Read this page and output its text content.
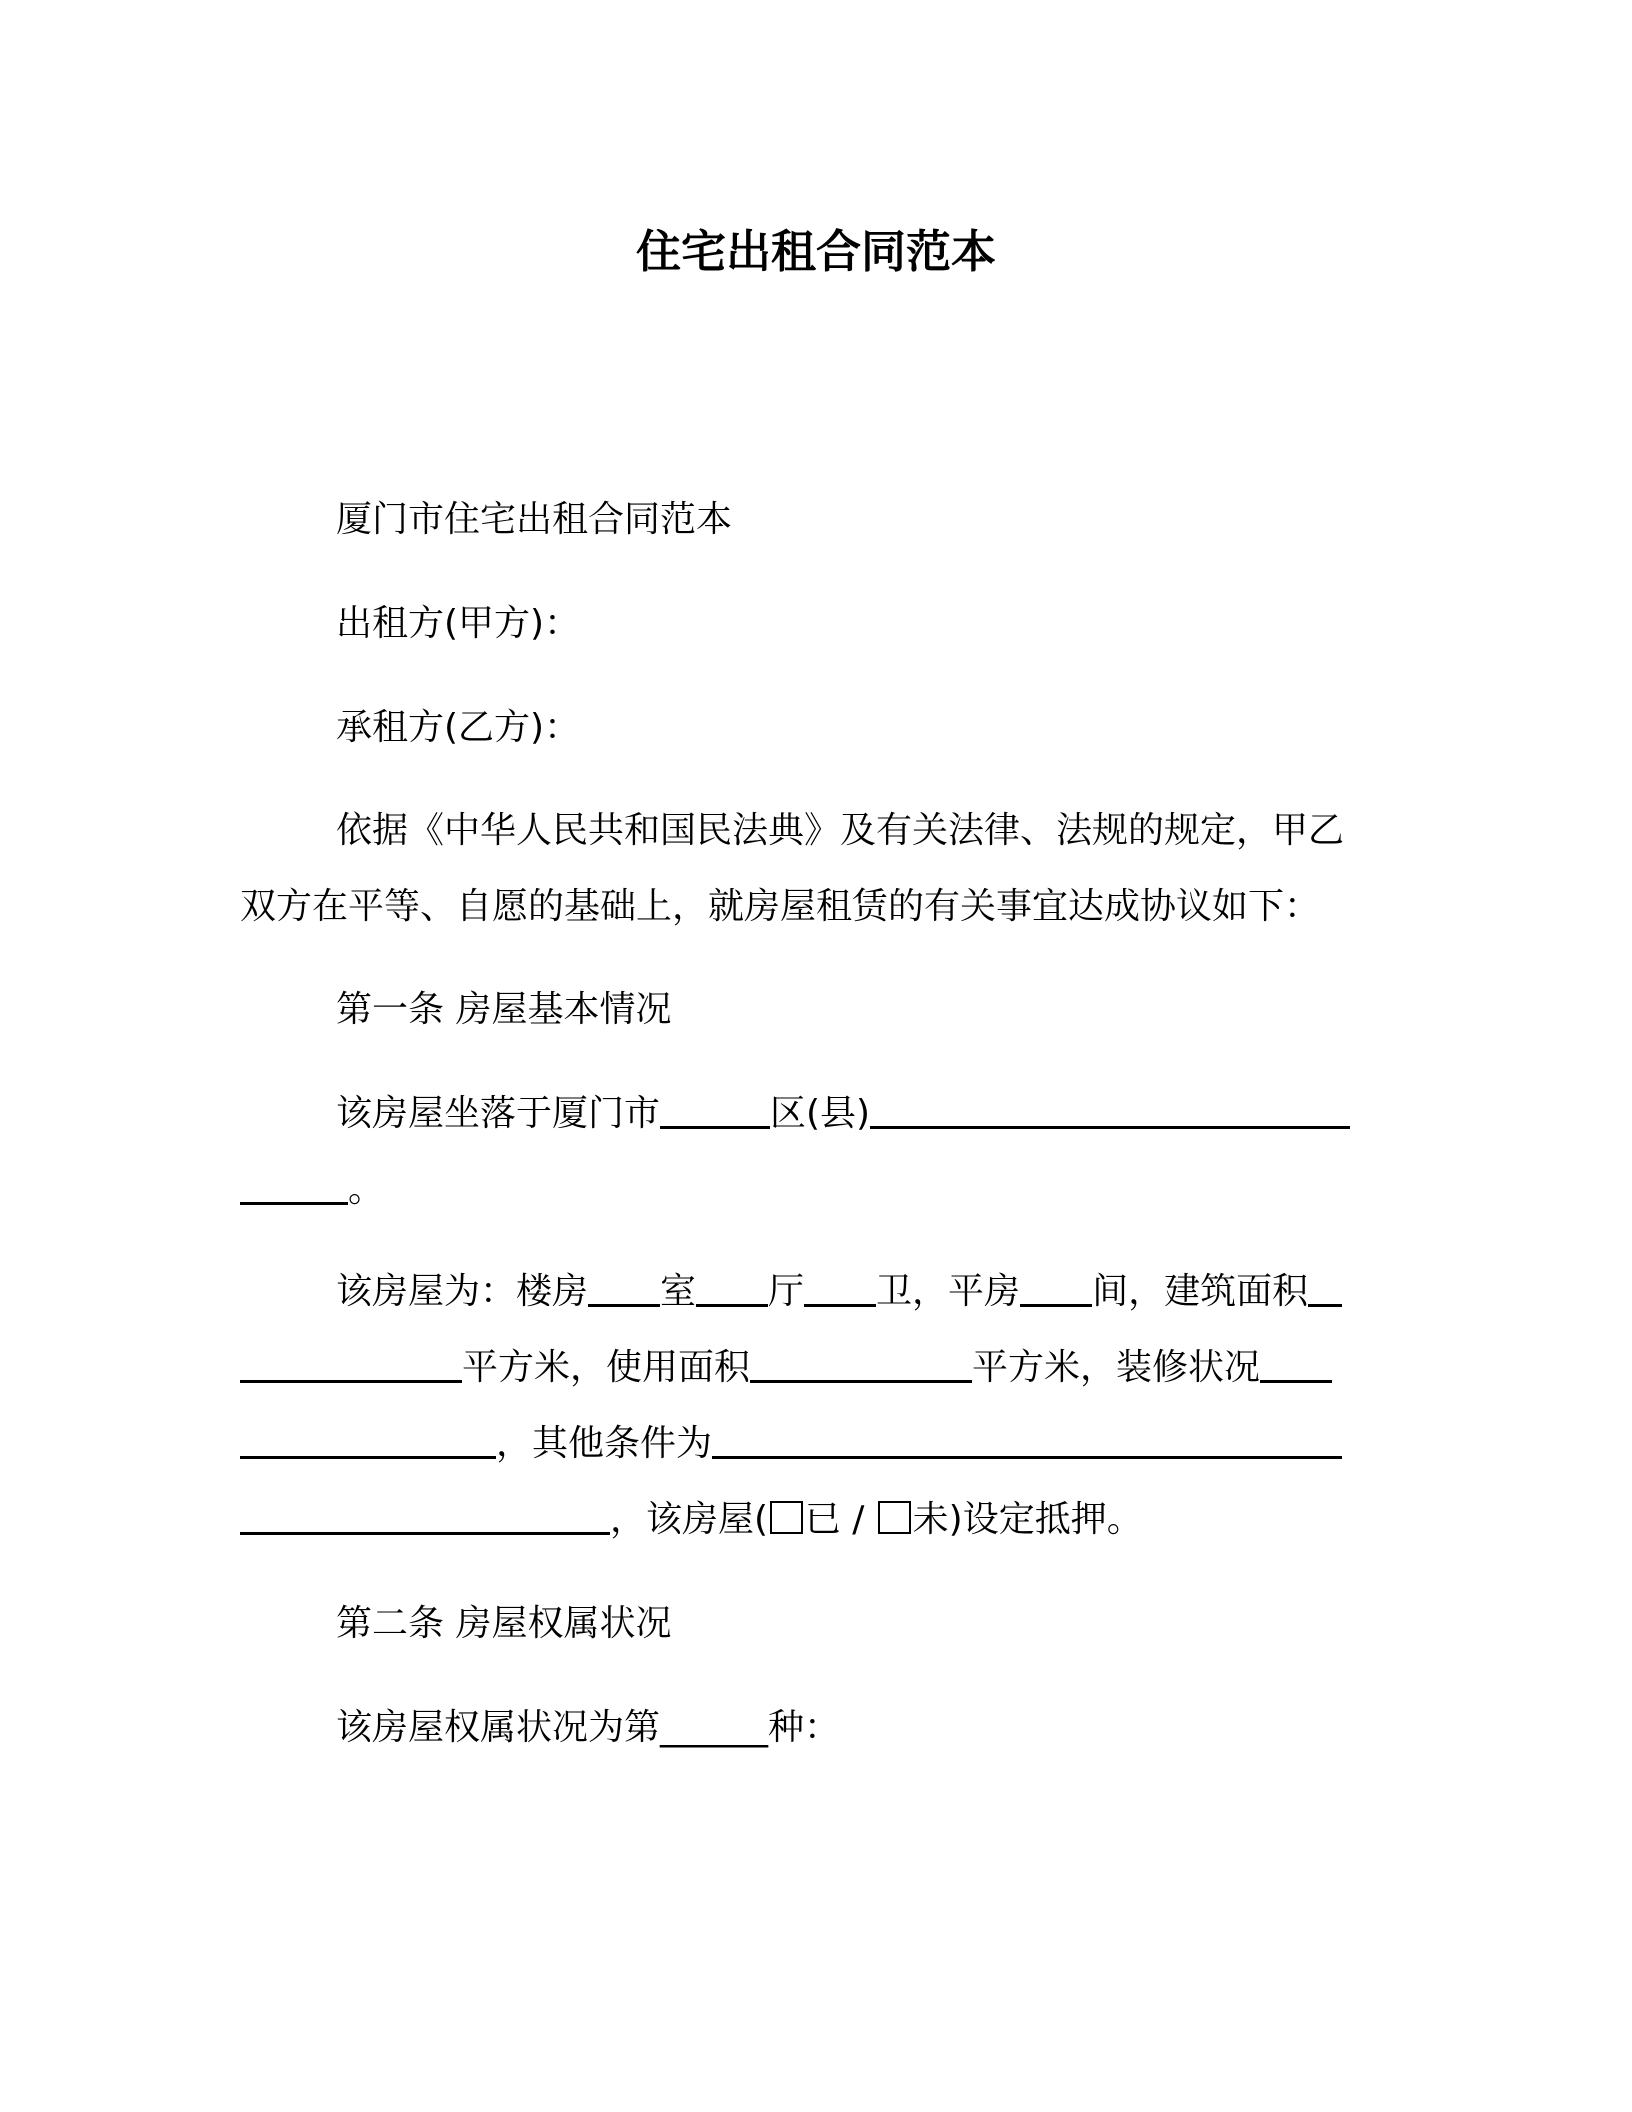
住宅出租合同范本
厦门市住宅出租合同范本
出租方(甲方)：
承租方(乙方)：
依据《中华人民共和国民法典》及有关法律、法规的规定，甲乙
双方在平等、自愿的基础上，就房屋租赁的有关事宜达成协议如下：
第一条 房屋基本情况
该房屋坐落于厦门市	区(县)
。
该房屋为：楼房 室 厅 卫，平房 间，建筑面积
平方米，使用面积	平方米，装修状况
，其他条件为
，该房屋( 已 / 未)设定抵押。
第二条 房屋权属状况
该房屋权属状况为第______种：
